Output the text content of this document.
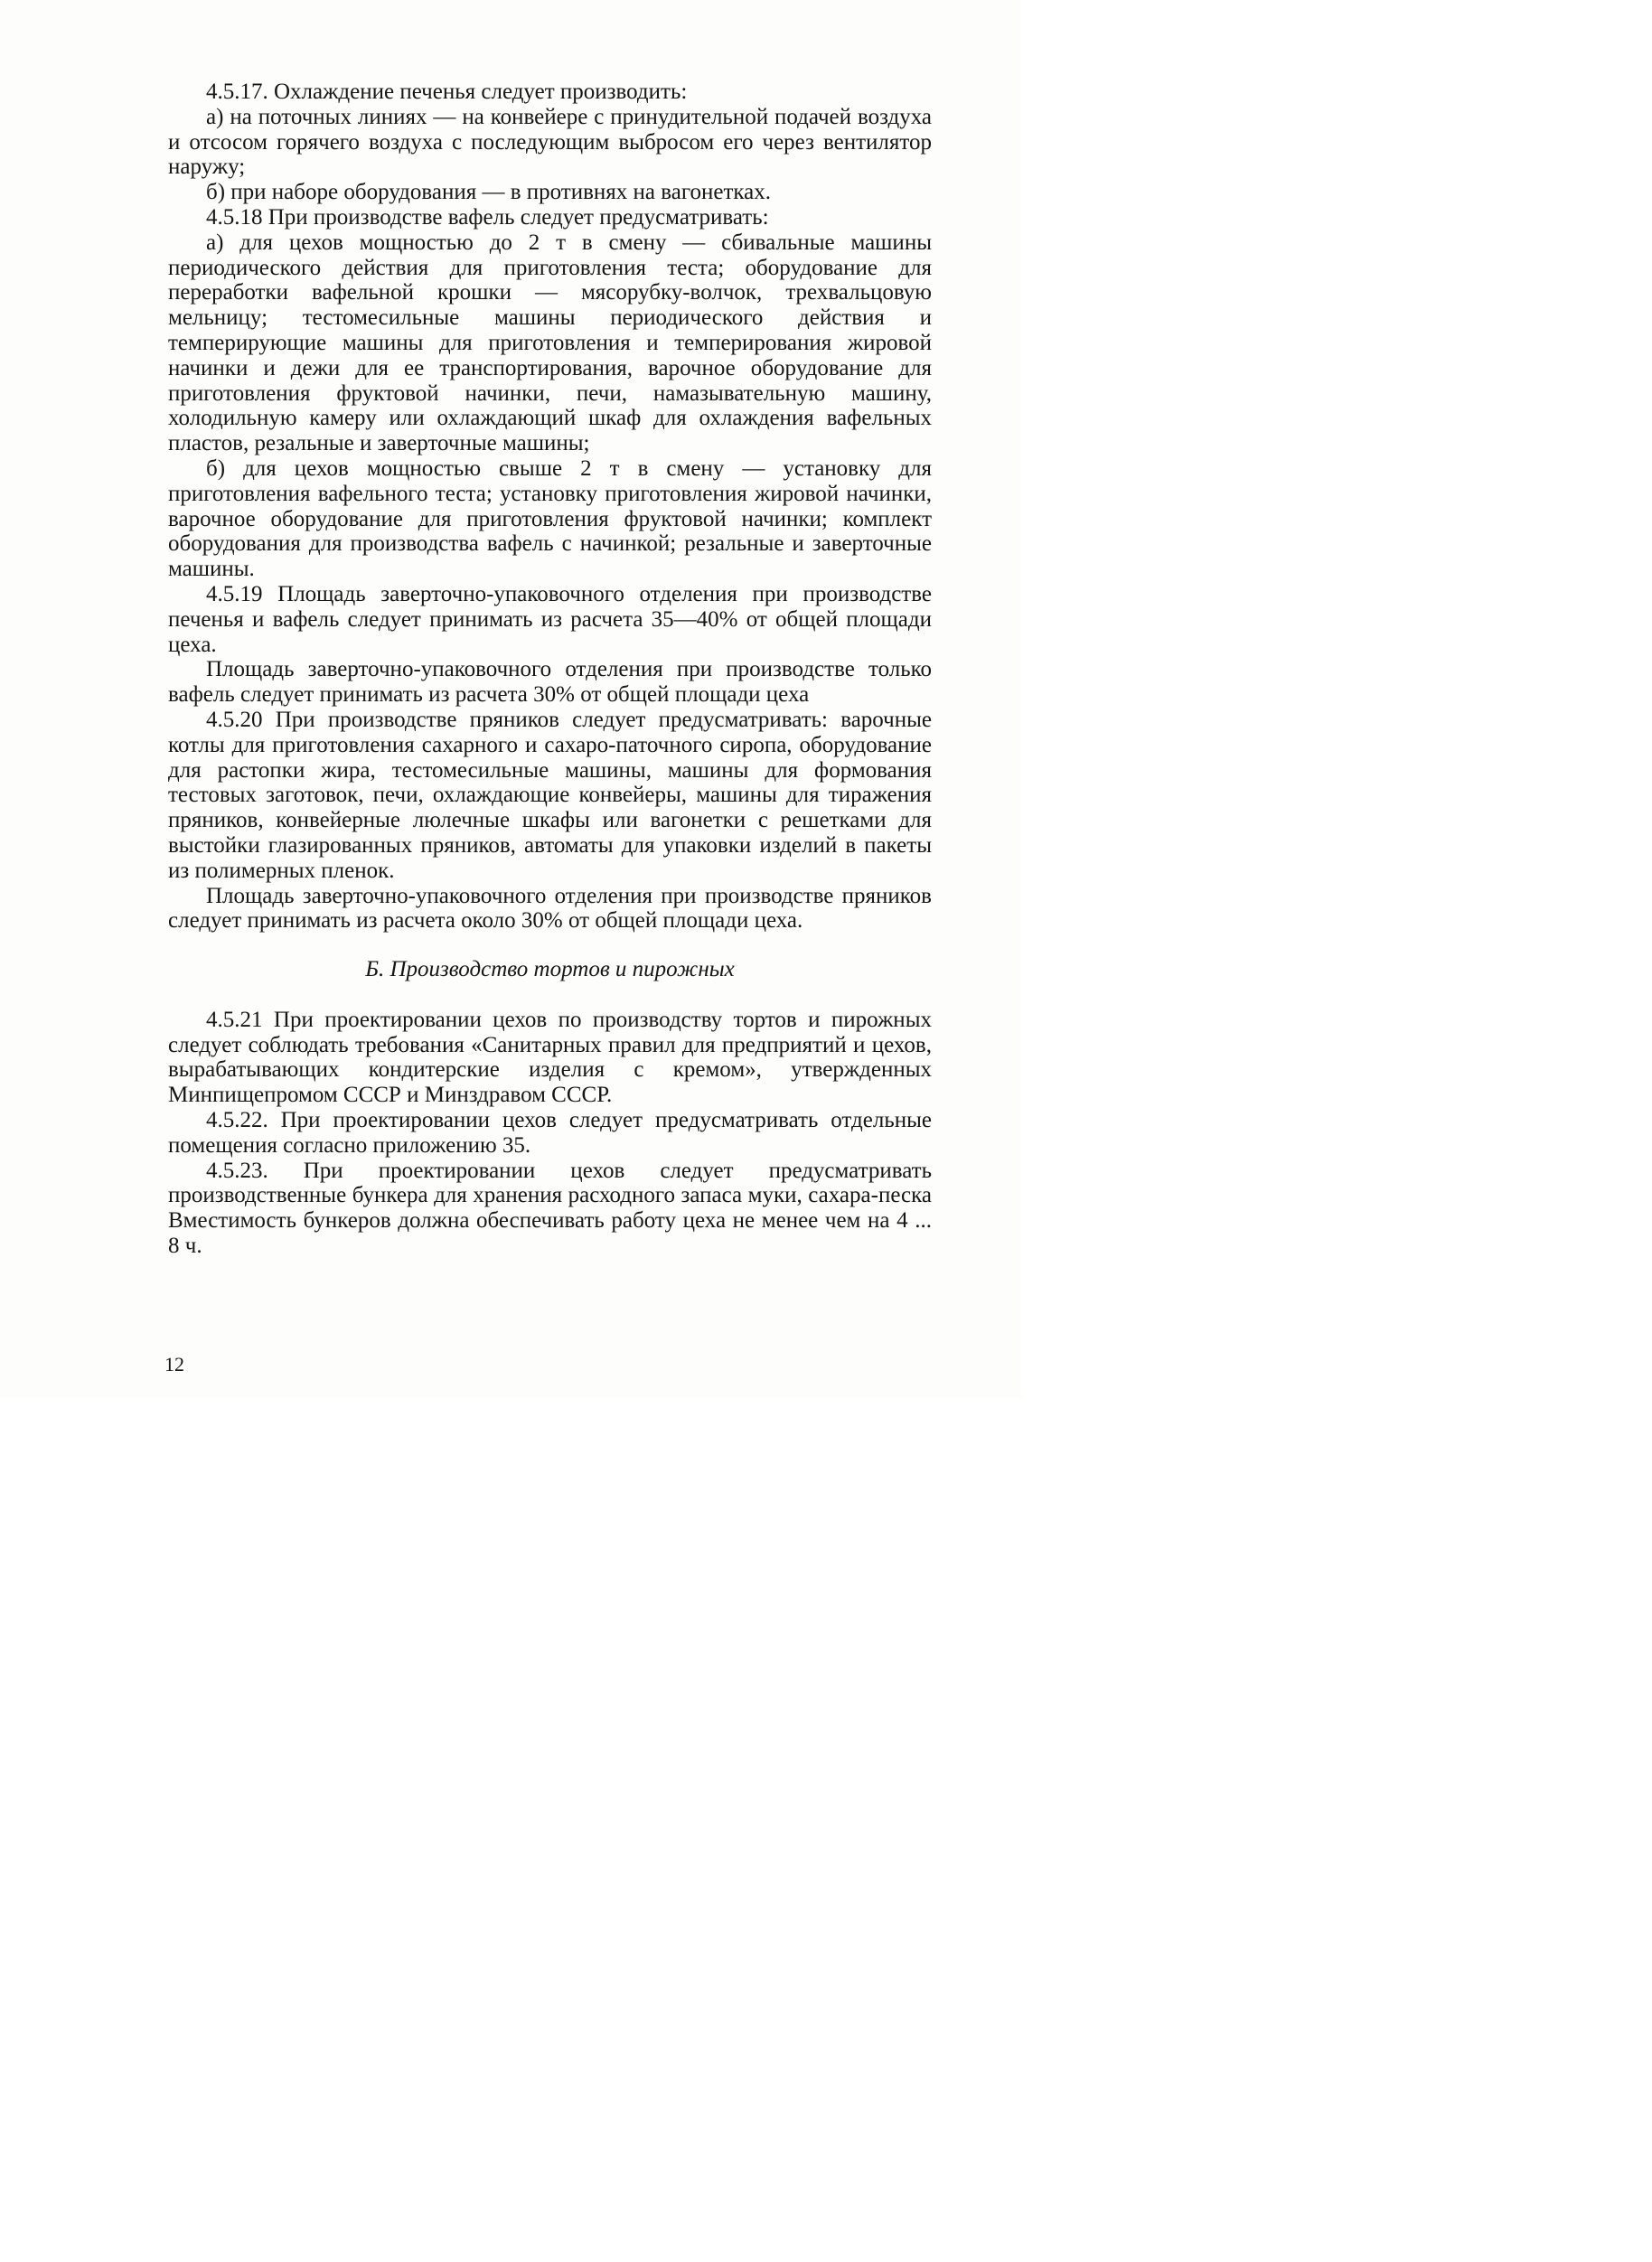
4.5.17. Охлаждение печенья следует производить:

а) на поточных линиях — на конвейере с принудительной подачей воздуха и отсосом горячего воздуха с последующим выбросом его через вентилятор наружу;

б) при наборе оборудования — в противнях на вагонетках.

4.5.18 При производстве вафель следует предусматривать:

а) для цехов мощностью до 2 т в смену — сбивальные машины периодического действия для приготовления теста; оборудование для переработки вафельной крошки — мясорубку-волчок, трехвальцовую мельницу; тестомесильные машины периодического действия и темперирующие машины для приготовления и темперирования жировой начинки и дежи для ее транспортирования, варочное оборудование для приготовления фруктовой начинки, печи, намазывательную машину, холодильную камеру или охлаждающий шкаф для охлаждения вафельных пластов, резальные и заверточные машины;

б) для цехов мощностью свыше 2 т в смену — установку для приготовления вафельного теста; установку приготовления жировой начинки, варочное оборудование для приготовления фруктовой начинки; комплект оборудования для производства вафель с начинкой; резальные и заверточные машины.

4.5.19 Площадь заверточно-упаковочного отделения при производстве печенья и вафель следует принимать из расчета 35—40% от общей площади цеха.

Площадь заверточно-упаковочного отделения при производстве только вафель следует принимать из расчета 30% от общей площади цеха

4.5.20 При производстве пряников следует предусматривать: варочные котлы для приготовления сахарного и сахаро-паточного сиропа, оборудование для растопки жира, тестомесильные машины, машины для формования тестовых заготовок, печи, охлаждающие конвейеры, машины для тиражения пряников, конвейерные люлечные шкафы или вагонетки с решетками для выстойки глазированных пряников, автоматы для упаковки изделий в пакеты из полимерных пленок.

Площадь заверточно-упаковочного отделения при производстве пряников следует принимать из расчета около 30% от общей площади цеха.

Б. Производство тортов и пирожных

4.5.21 При проектировании цехов по производству тортов и пирожных следует соблюдать требования «Санитарных правил для предприятий и цехов, вырабатывающих кондитерские изделия с кремом», утвержденных Минпищепромом СССР и Минздравом СССР.

4.5.22. При проектировании цехов следует предусматривать отдельные помещения согласно приложению 35.

4.5.23. При проектировании цехов следует предусматривать производственные бункера для хранения расходного запаса муки, сахара-песка Вместимость бункеров должна обеспечивать работу цеха не менее чем на 4 ... 8 ч.

12
